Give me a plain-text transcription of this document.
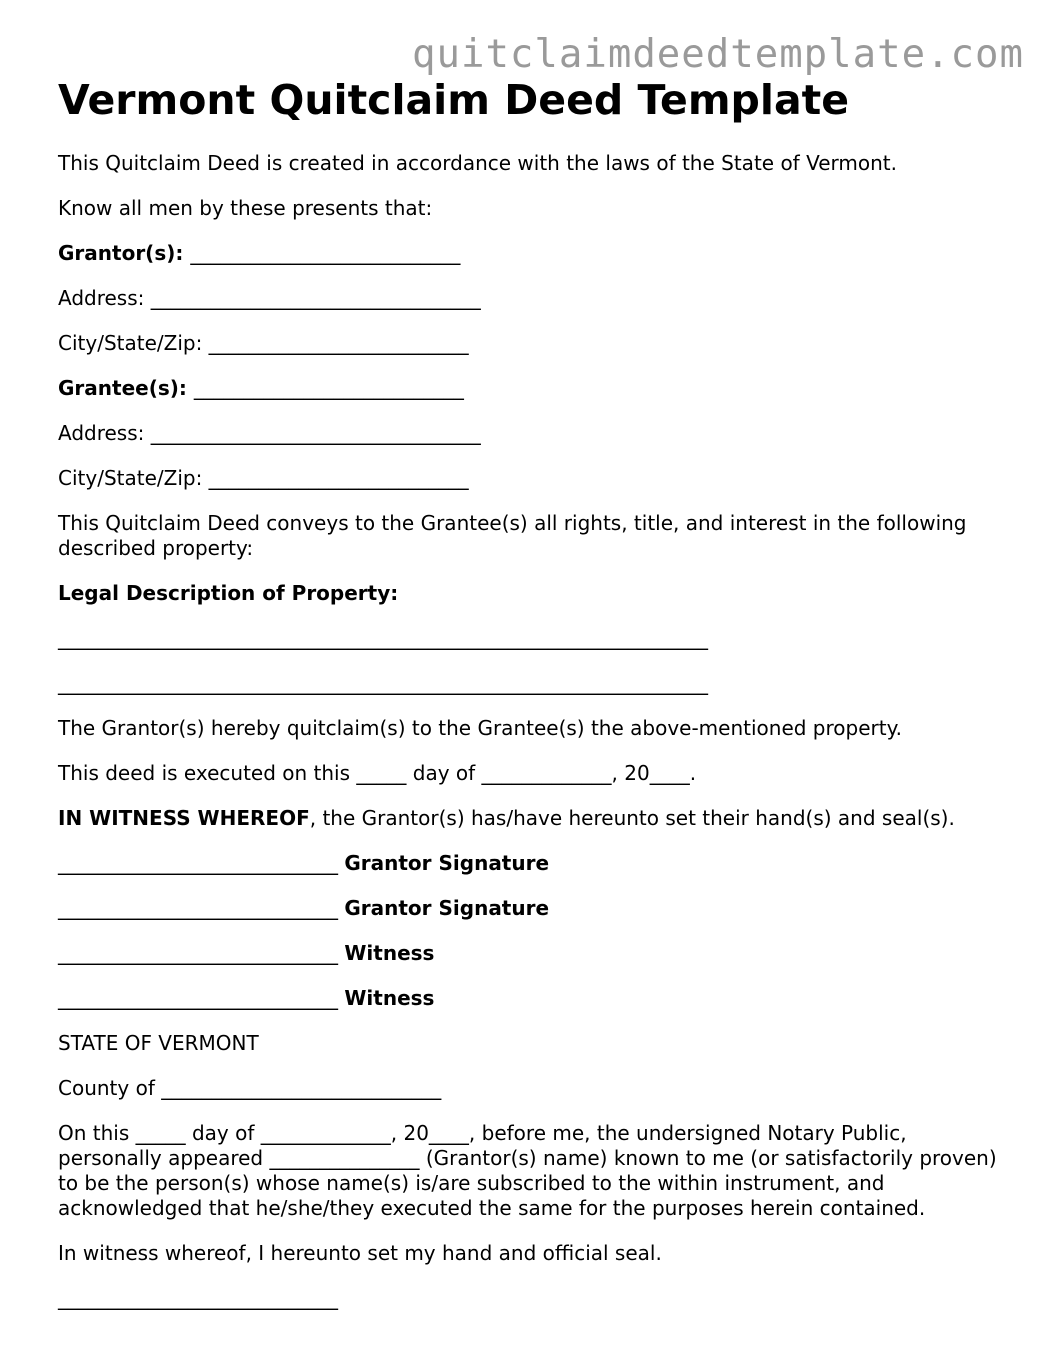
quitclaimdeedtemplate.com
Vermont Quitclaim Deed Template

This Quitclaim Deed is created in accordance with the laws of the State of Vermont.

Know all men by these presents that:

Grantor(s): ___________________________

Address: _________________________________

City/State/Zip: __________________________

Grantee(s): ___________________________

Address: _________________________________

City/State/Zip: __________________________

This Quitclaim Deed conveys to the Grantee(s) all rights, title, and interest in the following described property:

Legal Description of Property:

_________________________________________________________________

_________________________________________________________________

The Grantor(s) hereby quitclaim(s) to the Grantee(s) the above-mentioned property.

This deed is executed on this _____ day of _____________, 20____.

IN WITNESS WHEREOF, the Grantor(s) has/have hereunto set their hand(s) and seal(s).

____________________________ Grantor Signature

____________________________ Grantor Signature

____________________________ Witness

____________________________ Witness

STATE OF VERMONT

County of ____________________________

On this _____ day of _____________, 20____, before me, the undersigned Notary Public, personally appeared _______________ (Grantor(s) name) known to me (or satisfactorily proven) to be the person(s) whose name(s) is/are subscribed to the within instrument, and acknowledged that he/she/they executed the same for the purposes herein contained.

In witness whereof, I hereunto set my hand and official seal.

____________________________
